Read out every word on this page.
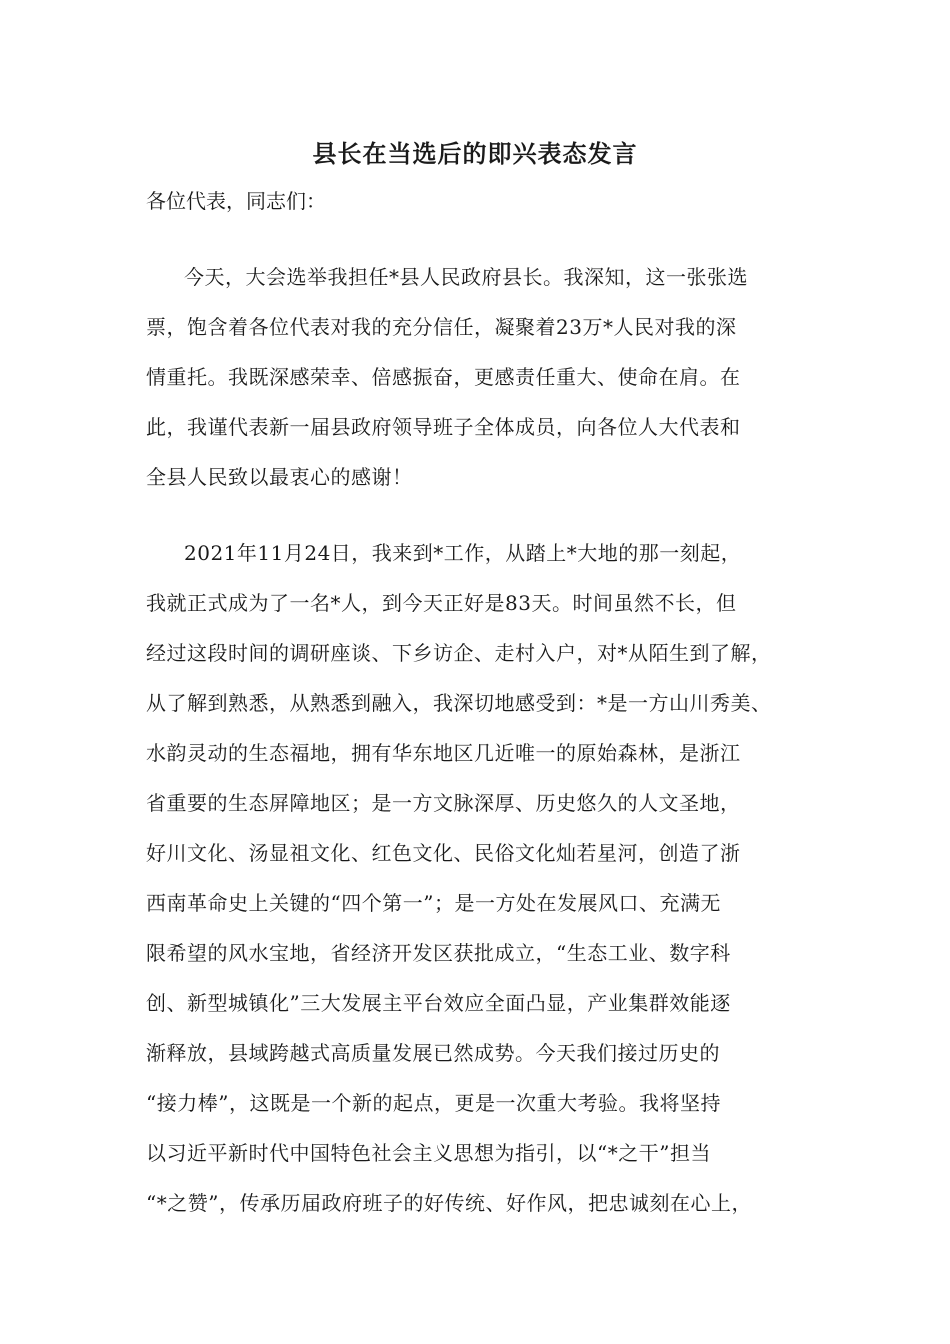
县长在当选后的即兴表态发言
各位代表，同志们：
今天，大会选举我担任*县人民政府县长。我深知，这一张张选
票，饱含着各位代表对我的充分信任，凝聚着23万*人民对我的深
情重托。我既深感荣幸、倍感振奋，更感责任重大、使命在肩。在
此，我谨代表新一届县政府领导班子全体成员，向各位人大代表和
全县人民致以最衷心的感谢！
2021年11月24日，我来到*工作，从踏上*大地的那一刻起，
我就正式成为了一名*人，到今天正好是83天。时间虽然不长，但
经过这段时间的调研座谈、下乡访企、走村入户，对*从陌生到了解，
从了解到熟悉，从熟悉到融入，我深切地感受到：*是一方山川秀美、
水韵灵动的生态福地，拥有华东地区几近唯一的原始森林，是浙江
省重要的生态屏障地区；是一方文脉深厚、历史悠久的人文圣地，
好川文化、汤显祖文化、红色文化、民俗文化灿若星河，创造了浙
西南革命史上关键的“四个第一”；是一方处在发展风口、充满无
限希望的风水宝地，省经济开发区获批成立，“生态工业、数字科
创、新型城镇化”三大发展主平台效应全面凸显，产业集群效能逐
渐释放，县域跨越式高质量发展已然成势。今天我们接过历史的
“接力棒”，这既是一个新的起点，更是一次重大考验。我将坚持
以习近平新时代中国特色社会主义思想为指引，以“*之干”担当
“*之赞”，传承历届政府班子的好传统、好作风，把忠诚刻在心上，
